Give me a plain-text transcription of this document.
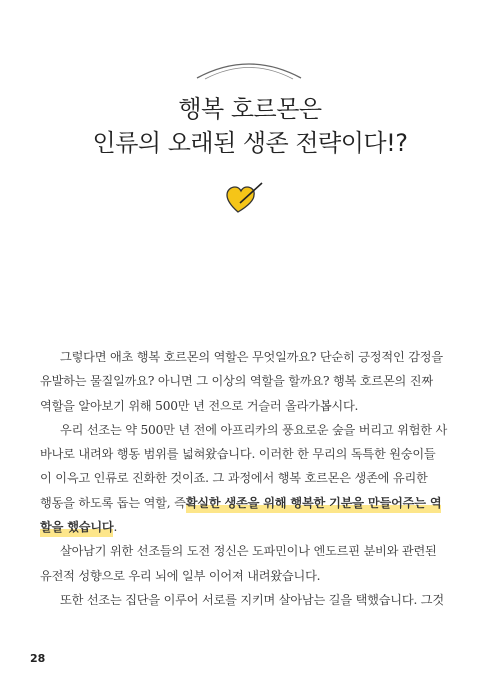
행복 호르몬은
인류의 오래된 생존 전략이다!?
그렇다면 애초 행복 호르몬의 역할은 무엇일까요? 단순히 긍정적인 감정을
유발하는 물질일까요? 아니면 그 이상의 역할을 할까요? 행복 호르몬의 진짜
역할을 알아보기 위해 500만 년 전으로 거슬러 올라가봅시다.
우리 선조는 약 500만 년 전에 아프리카의 풍요로운 숲을 버리고 위험한 사
바나로 내려와 행동 범위를 넓혀왔습니다. 이러한 한 무리의 독특한 원숭이들
이 이윽고 인류로 진화한 것이죠. 그 과정에서 행복 호르몬은 생존에 유리한
행동을 하도록 돕는 역할, 즉 확실한 생존을 위해 행복한 기분을 만들어주는 역
할을 했습니다 .
살아남기 위한 선조들의 도전 정신은 도파민이나 엔도르핀 분비와 관련된
유전적 성향으로 우리 뇌에 일부 이어져 내려왔습니다.
또한 선조는 집단을 이루어 서로를 지키며 살아남는 길을 택했습니다. 그것
28
